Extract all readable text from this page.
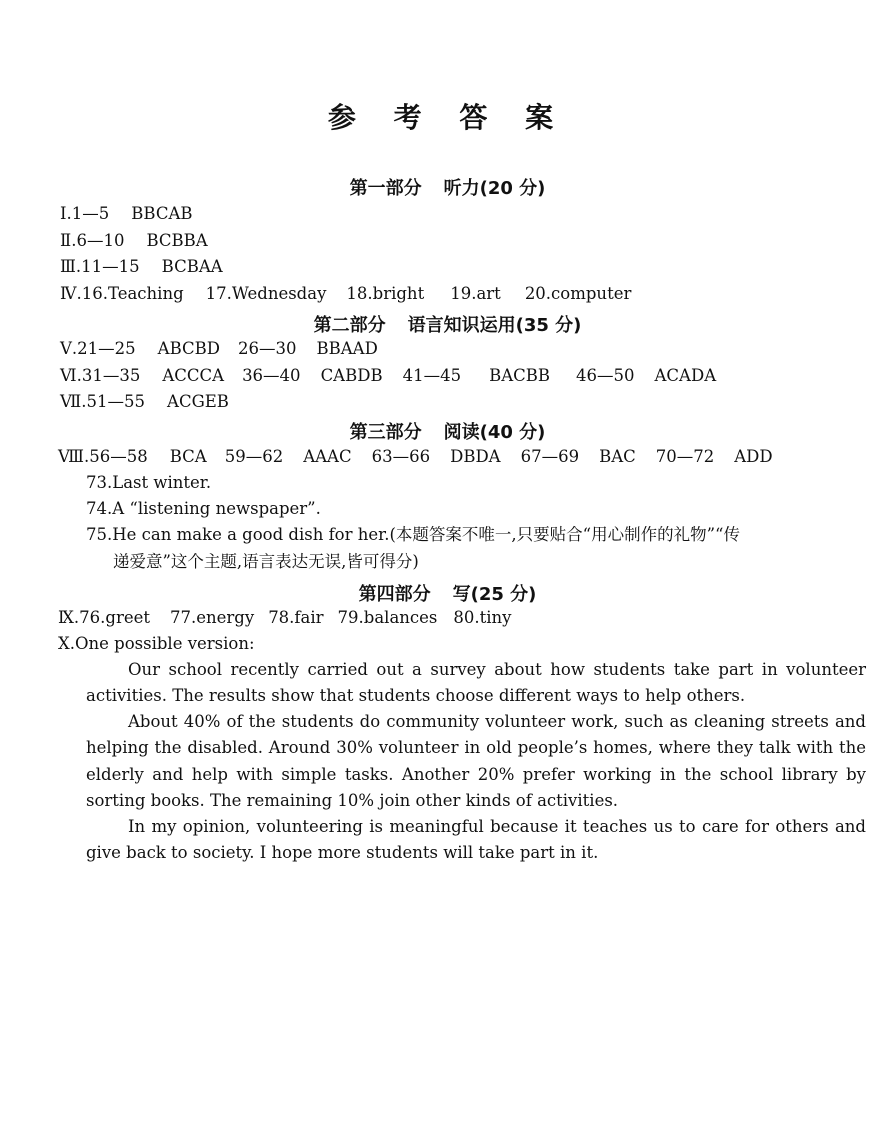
参 考 答 案
第一部分 听力(20 分)
Ⅰ.1—5 BBCAB
Ⅱ.6—10 BCBBA
Ⅲ.11—15 BCBAA
Ⅳ.16.Teaching 17.Wednesday 18.bright 19.art 20.computer
第二部分 语言知识运用(35 分)
Ⅴ.21—25 ABCBD 26—30 BBAAD
Ⅵ.31—35 ACCCA 36—40 CABDB 41—45 BACBB 46—50 ACADA
Ⅶ.51—55 ACGEB
第三部分 阅读(40 分)
Ⅷ.56—58 BCA 59—62 AAAC 63—66 DBDA 67—69 BAC 70—72 ADD
73.Last winter.
74.A “listening newspaper”.
75.He can make a good dish for her.(本题答案不唯一,只要贴合“用心制作的礼物”“传
递爱意”这个主题,语言表达无误,皆可得分)
第四部分 写(25 分)
Ⅸ.76.greet 77.energy 78.fair 79.balances 80.tiny
Ⅹ.One possible version:
Our school recently carried out a survey about how students take part in volunteer activities. The results show that students choose different ways to help others.
About 40% of the students do community volunteer work, such as cleaning streets and helping the disabled. Around 30% volunteer in old people’s homes, where they talk with the elderly and help with simple tasks. Another 20% prefer working in the school library by sorting books. The remaining 10% join other kinds of activities.
In my opinion, volunteering is meaningful because it teaches us to care for others and give back to society. I hope more students will take part in it.
